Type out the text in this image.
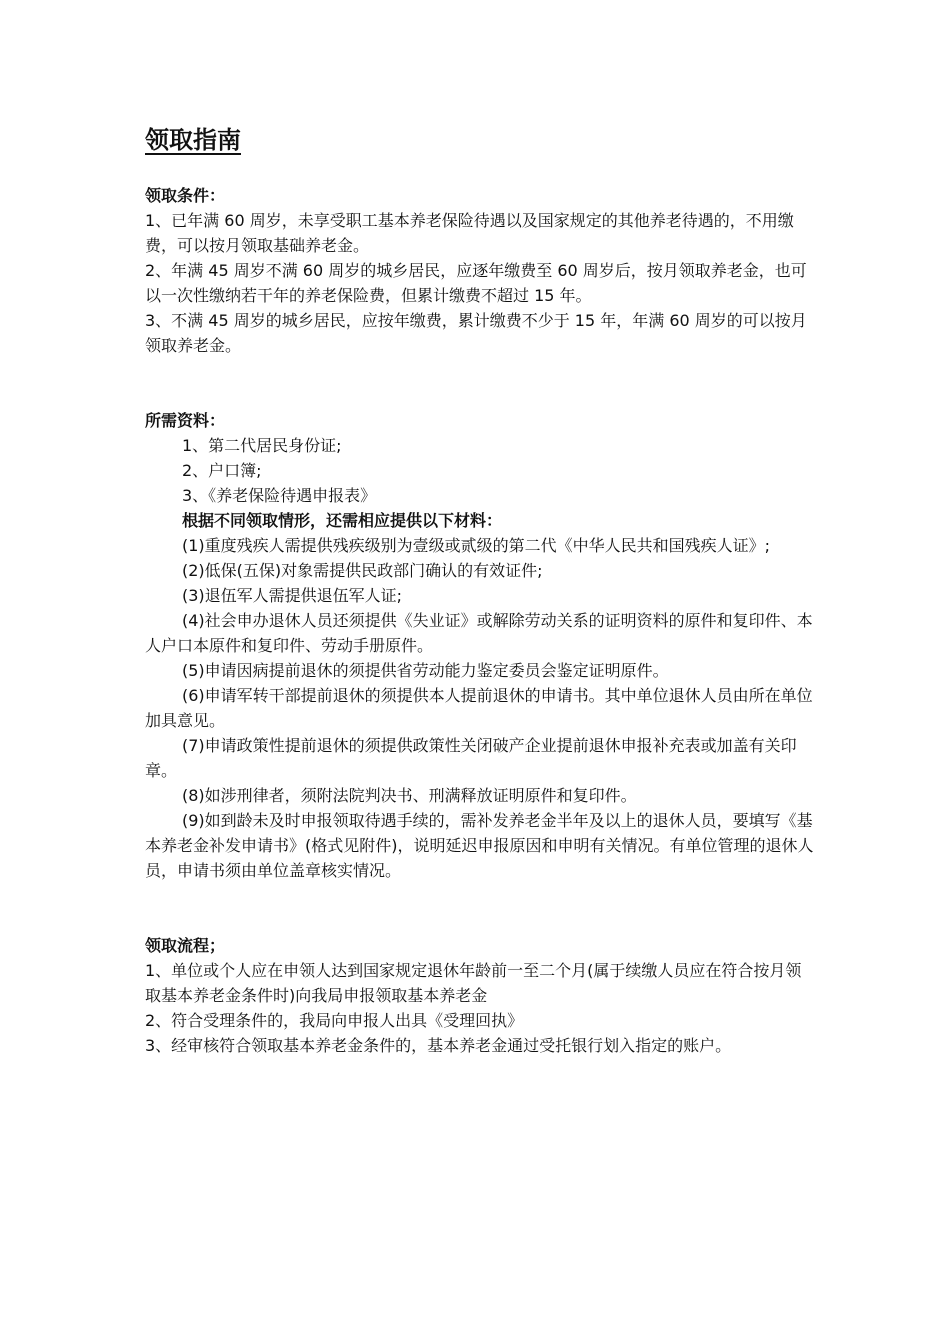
领取指南

领取条件：

1、已年满 60 周岁，未享受职工基本养老保险待遇以及国家规定的其他养老待遇的，不用缴费，可以按月领取基础养老金。

2、年满 45 周岁不满 60 周岁的城乡居民，应逐年缴费至 60 周岁后，按月领取养老金，也可以一次性缴纳若干年的养老保险费，但累计缴费不超过 15 年。

3、不满 45 周岁的城乡居民，应按年缴费，累计缴费不少于 15 年，年满 60 周岁的可以按月领取养老金。

所需资料：

1、第二代居民身份证;

2、户口簿;

3、《养老保险待遇申报表》

根据不同领取情形，还需相应提供以下材料：

(1)重度残疾人需提供残疾级别为壹级或贰级的第二代《中华人民共和国残疾人证》;

(2)低保(五保)对象需提供民政部门确认的有效证件;

(3)退伍军人需提供退伍军人证;

(4)社会申办退休人员还须提供《失业证》或解除劳动关系的证明资料的原件和复印件、本人户口本原件和复印件、劳动手册原件。

(5)申请因病提前退休的须提供省劳动能力鉴定委员会鉴定证明原件。

(6)申请军转干部提前退休的须提供本人提前退休的申请书。其中单位退休人员由所在单位加具意见。

(7)申请政策性提前退休的须提供政策性关闭破产企业提前退休申报补充表或加盖有关印章。

(8)如涉刑律者，须附法院判决书、刑满释放证明原件和复印件。

(9)如到龄未及时申报领取待遇手续的，需补发养老金半年及以上的退休人员，要填写《基本养老金补发申请书》(格式见附件)，说明延迟申报原因和申明有关情况。有单位管理的退休人员，申请书须由单位盖章核实情况。

领取流程；

1、单位或个人应在申领人达到国家规定退休年龄前一至二个月(属于续缴人员应在符合按月领取基本养老金条件时)向我局申报领取基本养老金

2、符合受理条件的，我局向申报人出具《受理回执》

3、经审核符合领取基本养老金条件的，基本养老金通过受托银行划入指定的账户。
